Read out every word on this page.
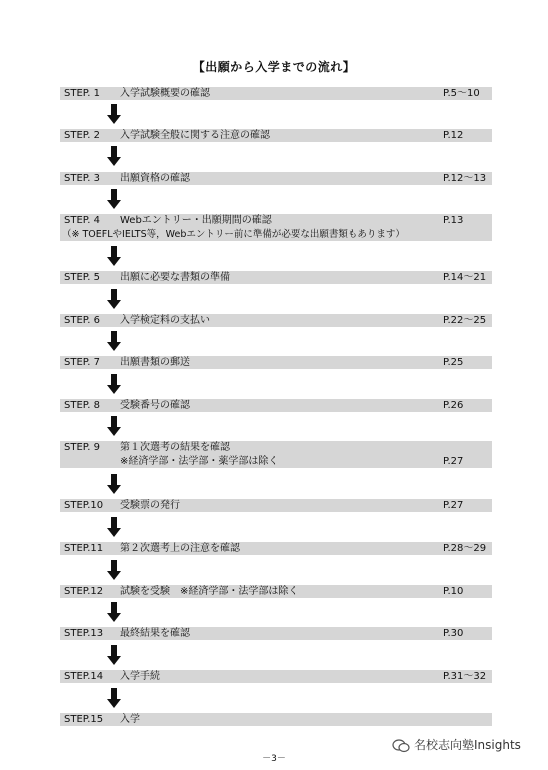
【出願から入学までの流れ】
STEP. 1 入学試験概要の確認	P.5～10
STEP. 2 入学試験全般に関する注意の確認	P.12
STEP. 3 出願資格の確認	P.12～13
STEP. 4 Webエントリー・出願期間の確認	P.13
（※ TOEFLやIELTS等，Webエントリー前に準備が必要な出願書類もあります）
STEP. 5 出願に必要な書類の準備	P.14～21
STEP. 6 入学検定料の支払い	P.22～25
STEP. 7 出願書類の郵送	P.25
STEP. 8 受験番号の確認	P.26
STEP. 9 第１次選考の結果を確認
※経済学部・法学部・薬学部は除く	P.27
STEP.10 受験票の発行	P.27
STEP.11 第２次選考上の注意を確認	P.28～29
STEP.12 試験を受験　※経済学部・法学部は除く	P.10
STEP.13 最終結果を確認	P.30
STEP.14 入学手続	P.31～32
STEP.15 入学
－3－
名校志向塾Insights
